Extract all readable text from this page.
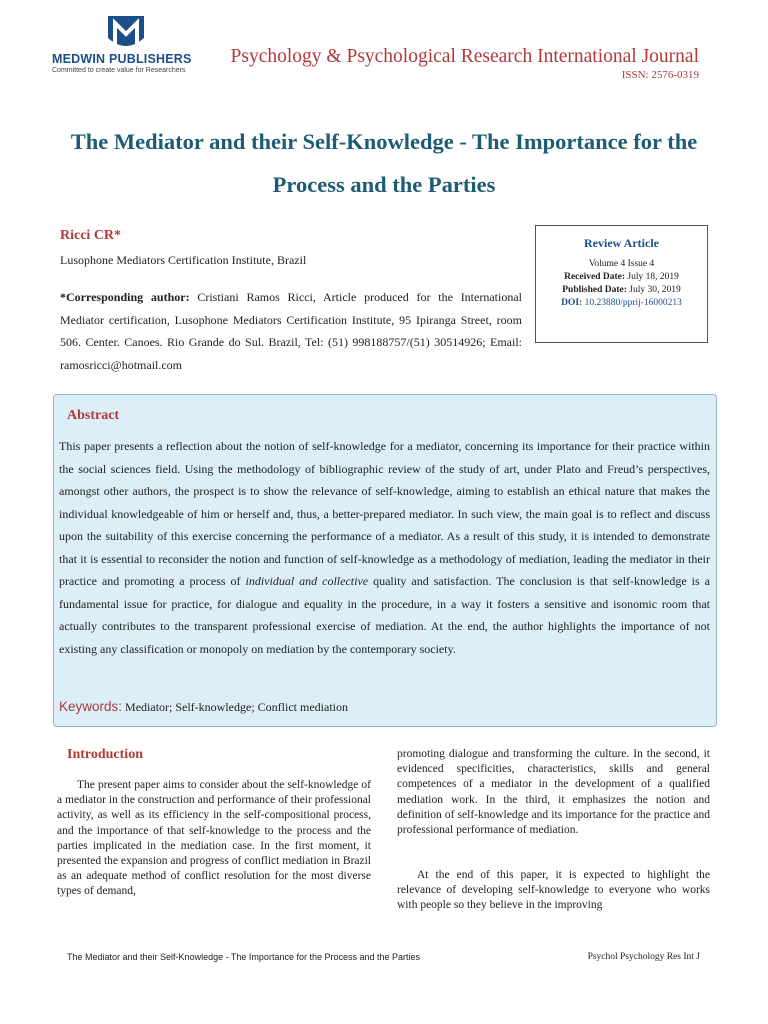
MEDWIN PUBLISHERS
Committed to create value for Researchers
Psychology & Psychological Research International Journal
ISSN: 2576-0319
The Mediator and their Self-Knowledge - The Importance for the Process and the Parties
Ricci CR*
Lusophone Mediators Certification Institute, Brazil
*Corresponding author: Cristiani Ramos Ricci, Article produced for the International Mediator certification, Lusophone Mediators Certification Institute, 95 Ipiranga Street, room 506. Center. Canoes. Rio Grande do Sul. Brazil, Tel: (51) 998188757/(51) 30514926; Email: ramosricci@hotmail.com
Review Article
Volume 4 Issue 4
Received Date: July 18, 2019
Published Date: July 30, 2019
DOI: 10.23880/pprij-16000213
Abstract
This paper presents a reflection about the notion of self-knowledge for a mediator, concerning its importance for their practice within the social sciences field. Using the methodology of bibliographic review of the study of art, under Plato and Freud’s perspectives, amongst other authors, the prospect is to show the relevance of self-knowledge, aiming to establish an ethical nature that makes the individual knowledgeable of him or herself and, thus, a better-prepared mediator. In such view, the main goal is to reflect and discuss upon the suitability of this exercise concerning the performance of a mediator. As a result of this study, it is intended to demonstrate that it is essential to reconsider the notion and function of self-knowledge as a methodology of mediation, leading the mediator in their practice and promoting a process of individual and collective quality and satisfaction. The conclusion is that self-knowledge is a fundamental issue for practice, for dialogue and equality in the procedure, in a way it fosters a sensitive and isonomic room that actually contributes to the transparent professional exercise of mediation. At the end, the author highlights the importance of not existing any classification or monopoly on mediation by the contemporary society.
Keywords: Mediator; Self-knowledge; Conflict mediation
Introduction
The present paper aims to consider about the self-knowledge of a mediator in the construction and performance of their professional activity, as well as its efficiency in the self-compositional process, and the importance of that self-knowledge to the process and the parties implicated in the mediation case. In the first moment, it presented the expansion and progress of conflict mediation in Brazil as an adequate method of conflict resolution for the most diverse types of demand,
promoting dialogue and transforming the culture. In the second, it evidenced specificities, characteristics, skills and general competences of a mediator in the development of a qualified mediation work. In the third, it emphasizes the notion and definition of self-knowledge and its importance for the practice and professional performance of mediation.
At the end of this paper, it is expected to highlight the relevance of developing self-knowledge to everyone who works with people so they believe in the improving
The Mediator and their Self-Knowledge - The Importance for the Process and the Parties	Psychol Psychology Res Int J
